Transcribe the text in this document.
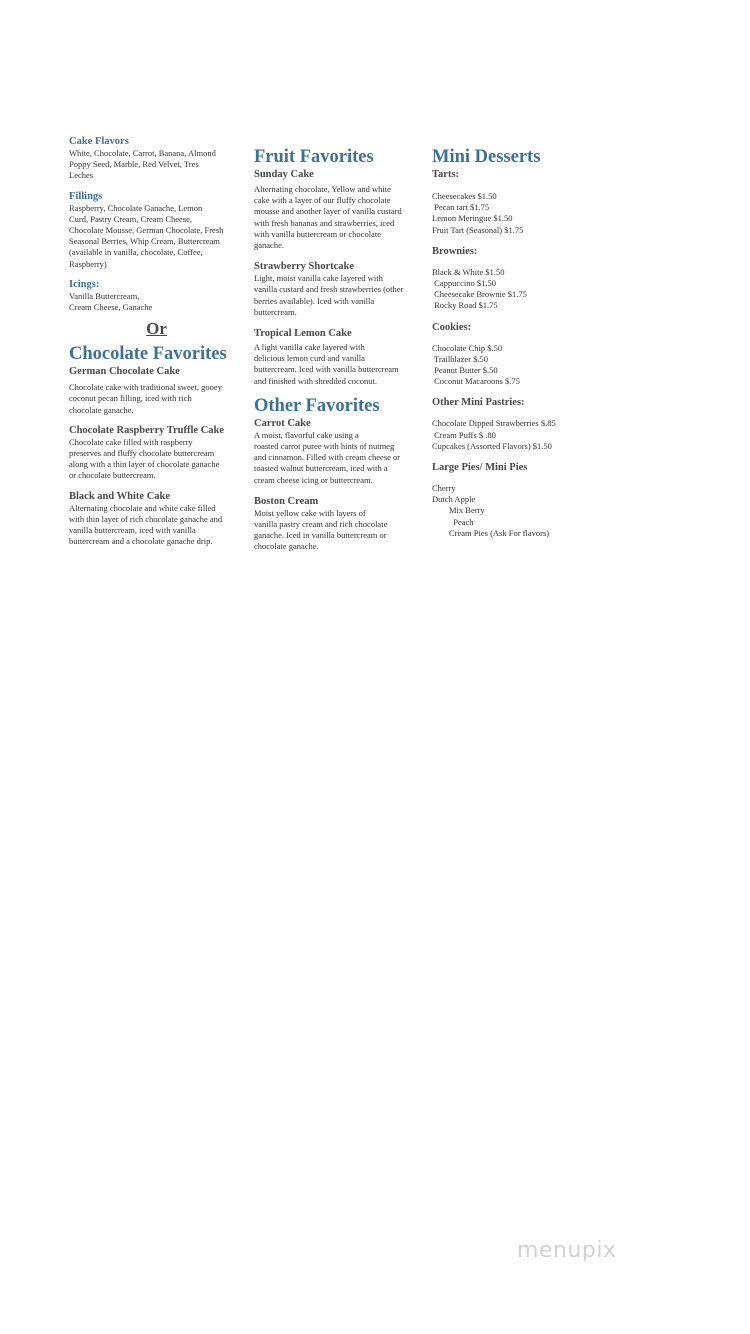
Cake Flavors

White, Chocolate, Carrot, Banana, Almond
Poppy Seed, Marble, Red Velvet, Tres
Leches

Fillings

Raspberry, Chocolate Ganache, Lemon
Curd, Pastry Cream, Cream Cheese,
Chocolate Mousse, German Chocolate, Fresh
Seasonal Berries, Whip Cream, Buttercream
(available in vanilla, chocolate, Coffee,
Raspberry)

Icings:

Vanilla Buttercream,
Cream Cheese, Ganache

Or

Chocolate Favorites

German Chocolate Cake

Chocolate cake with traditional sweet, gooey
coconut pecan filling, iced with rich
chocolate ganache.

Chocolate Raspberry Truffle Cake

Chocolate cake filled with raspberry
preserves and fluffy chocolate buttercream
along with a thin layer of chocolate ganache
or chocolate buttercream.

Black and White Cake

Alternating chocolate and white cake filled
with thin layer of rich chocolate ganache and
vanilla buttercream, iced with vanilla
buttercream and a chocolate ganache drip.

Fruit Favorites

Sunday Cake

Alternating chocolate, Yellow and white
cake with a layer of our fluffy chocolate
mousse and another layer of vanilla custard
with fresh bananas and strawberries, iced
with vanilla buttercream or chocolate
ganache.

Strawberry Shortcake

Light, moist vanilla cake layered with
vanilla custard and fresh strawberries (other
berries available). Iced with vanilla
buttercream.

Tropical Lemon Cake

A light vanilla cake layered with
delicious lemon curd and vanilla
buttercream. Iced with vanilla buttercream
and finished with shredded coconut.

Other Favorites

Carrot Cake

A moist, flavorful cake using a
roasted carrot puree with hints of nutmeg
and cinnamon. Filled with cream cheese or
toasted walnut buttercream, iced with a
cream cheese icing or buttercream.

Boston Cream

Moist yellow cake with layers of
vanilla pastry cream and rich chocolate
ganache. Iced in vanilla buttercream or
chocolate ganache.

Mini Desserts

Tarts:

Cheesecakes $1.50
Pecan tart $1.75
Lemon Meringue $1.50
Fruit Tart (Seasonal) $1.75

Brownies:

Black & White $1.50
Cappuccino $1.50
Cheesecake Brownie $1.75
Rocky Road $1.75

Cookies:

Chocolate Chip $.50
Trailblazer $.50
Peanut Butter $.50
Coconut Macaroons $.75

Other Mini Pastries:

Chocolate Dipped Strawberries $.85
Cream Puffs $ .80
Cupcakes (Assorted Flavors) $1.50

Large Pies/ Mini Pies

Cherry
Dutch Apple
Mix Berry
Peach
Cream Pies (Ask For flavors)
menupix
